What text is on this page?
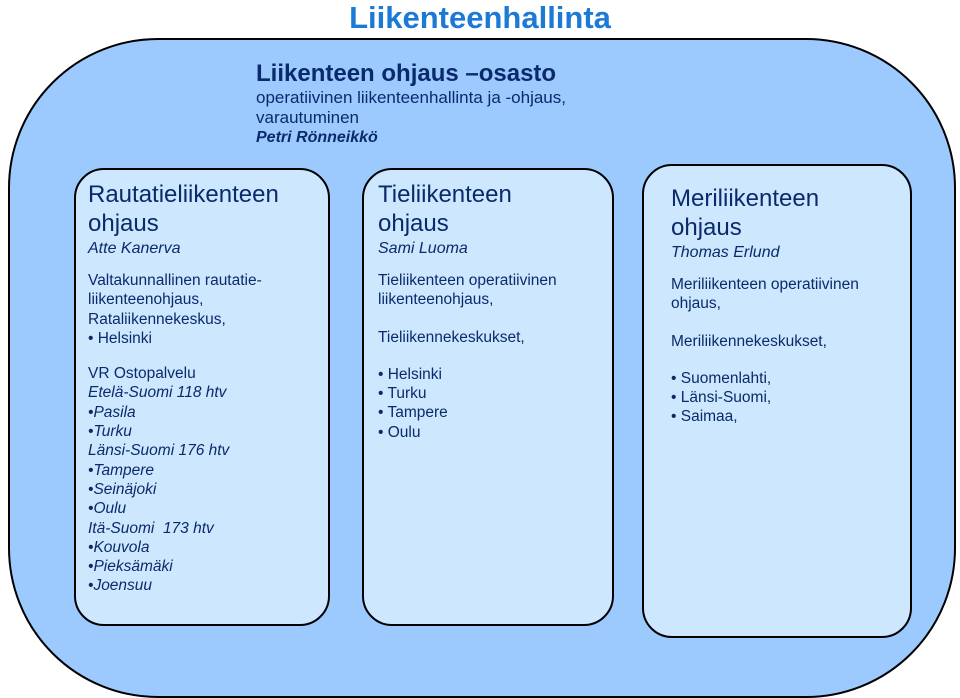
Liikenteenhallinta
Liikenteen ohjaus –osasto
operatiivinen liikenteenhallinta ja -ohjaus,
varautuminen
Petri Rönneikkö
Rautatieliikenteen
ohjaus
Atte Kanerva
Valtakunnallinen rautatie-
liikenteenohjaus,
Rataliikennekeskus,
• Helsinki
VR Ostopalvelu
Etelä-Suomi 118 htv
•Pasila
•Turku
Länsi-Suomi 176 htv
•Tampere
•Seinäjoki
•Oulu
Itä-Suomi  173 htv
•Kouvola
•Pieksämäki
•Joensuu
Tieliikenteen
ohjaus
Sami Luoma
Tieliikenteen operatiivinen
liikenteenohjaus,
Tieliikennekeskukset,
• Helsinki
• Turku
• Tampere
• Oulu
Meriliikenteen
ohjaus
Thomas Erlund
Meriliikenteen operatiivinen
ohjaus,
Meriliikennekeskukset,
• Suomenlahti,
• Länsi-Suomi,
• Saimaa,
